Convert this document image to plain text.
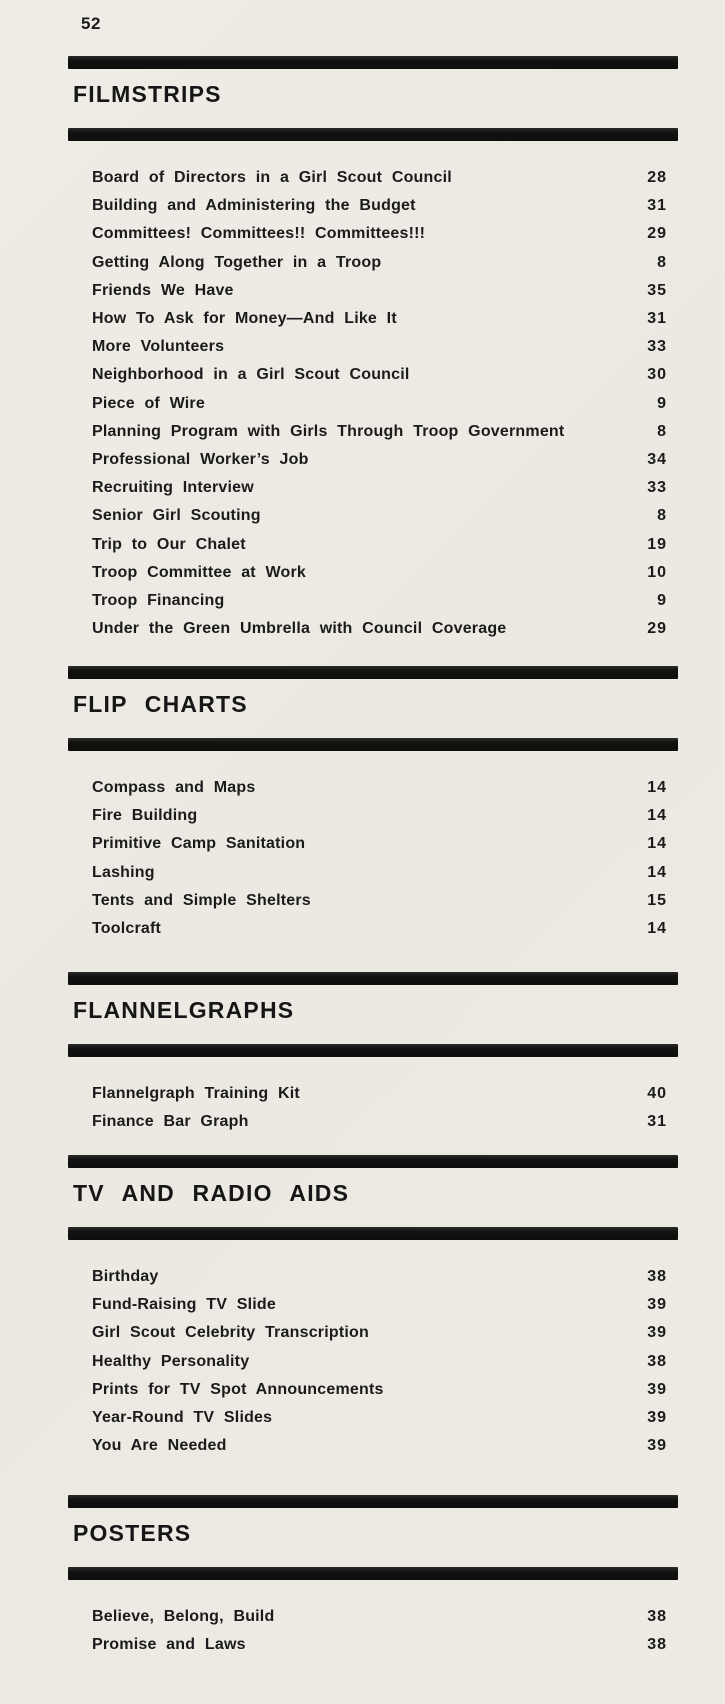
52
FILMSTRIPS
Board of Directors in a Girl Scout Council	28
Building and Administering the Budget	31
Committees! Committees!! Committees!!!	29
Getting Along Together in a Troop	8
Friends We Have	35
How To Ask for Money—And Like It	31
More Volunteers	33
Neighborhood in a Girl Scout Council	30
Piece of Wire	9
Planning Program with Girls Through Troop Government	8
Professional Worker’s Job	34
Recruiting Interview	33
Senior Girl Scouting	8
Trip to Our Chalet	19
Troop Committee at Work	10
Troop Financing	9
Under the Green Umbrella with Council Coverage	29
FLIP CHARTS
Compass and Maps	14
Fire Building	14
Primitive Camp Sanitation	14
Lashing	14
Tents and Simple Shelters	15
Toolcraft	14
FLANNELGRAPHS
Flannelgraph Training Kit	40
Finance Bar Graph	31
TV AND RADIO AIDS
Birthday	38
Fund-Raising TV Slide	39
Girl Scout Celebrity Transcription	39
Healthy Personality	38
Prints for TV Spot Announcements	39
Year-Round TV Slides	39
You Are Needed	39
POSTERS
Believe, Belong, Build	38
Promise and Laws	38
